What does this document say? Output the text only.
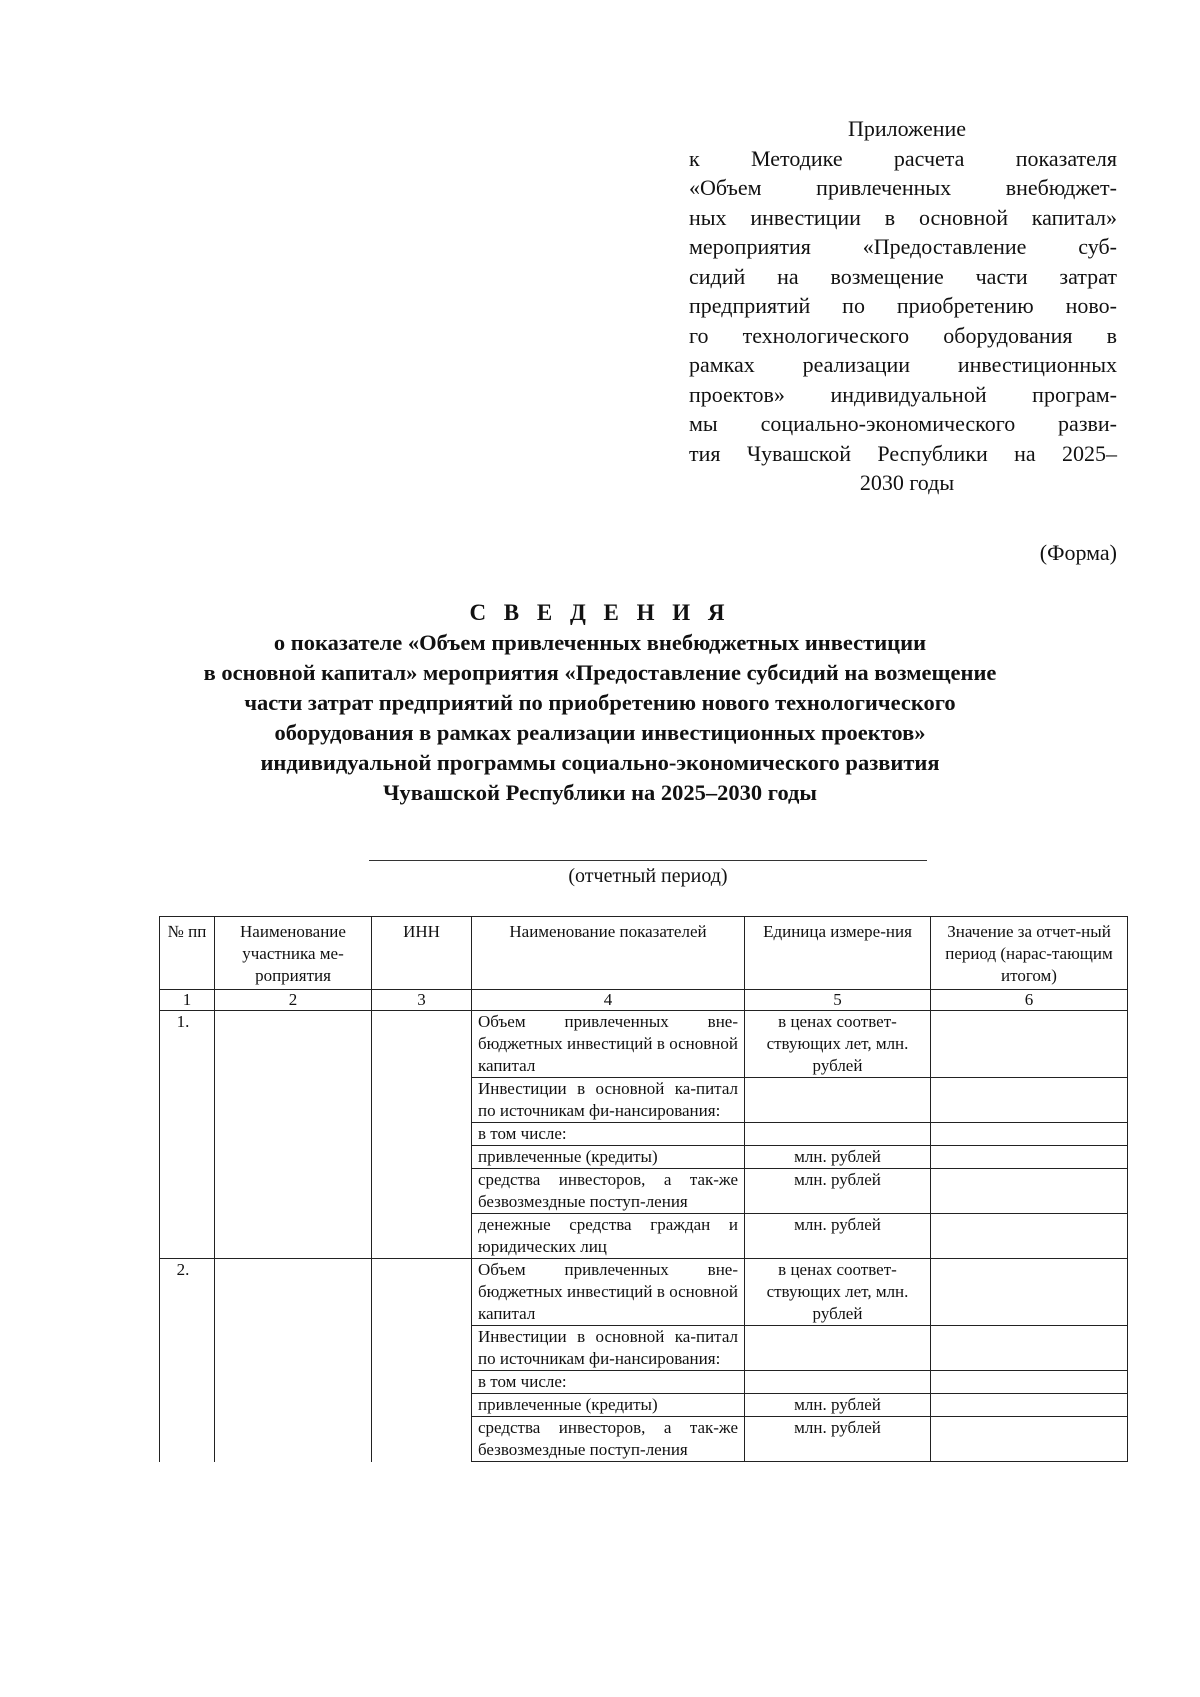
Приложение
к Методике расчета показателя
«Объем привлеченных внебюджет-
ных инвестиции в основной капитал»
мероприятия «Предоставление суб-
сидий на возмещение части затрат
предприятий по приобретению ново-
го технологического оборудования в
рамках реализации инвестиционных
проектов» индивидуальной програм-
мы социально-экономического разви-
тия Чувашской Республики на 2025–
2030 годы
(Форма)
С В Е Д Е Н И Я
о показателе «Объем привлеченных внебюджетных инвестиции
в основной капитал» мероприятия «Предоставление субсидий на возмещение
части затрат предприятий по приобретению нового технологического
оборудования в рамках реализации инвестиционных проектов»
индивидуальной программы социально-экономического развития
Чувашской Республики на 2025–2030 годы
(отчетный период)
№ пп	Наименование участника ме-роприятия	ИНН	Наименование показателей	Единица измере-ния	Значение за отчет-ный период (нарас-тающим итогом)
1	2	3	4	5	6
1.			Объем привлеченных вне-бюджетных инвестиций в основной капитал	в ценах соответ-ствующих лет, млн. рублей	
			Инвестиции в основной ка-питал по источникам фи-нансирования:		
			в том числе:		
			привлеченные (кредиты)	млн. рублей	
			средства инвесторов, а так-же безвозмездные поступ-ления	млн. рублей	
			денежные средства граждан и юридических лиц	млн. рублей	
2.			Объем привлеченных вне-бюджетных инвестиций в основной капитал	в ценах соответ-ствующих лет, млн. рублей	
			Инвестиции в основной ка-питал по источникам фи-нансирования:		
			в том числе:		
			привлеченные (кредиты)	млн. рублей	
			средства инвесторов, а так-же безвозмездные поступ-ления	млн. рублей	
